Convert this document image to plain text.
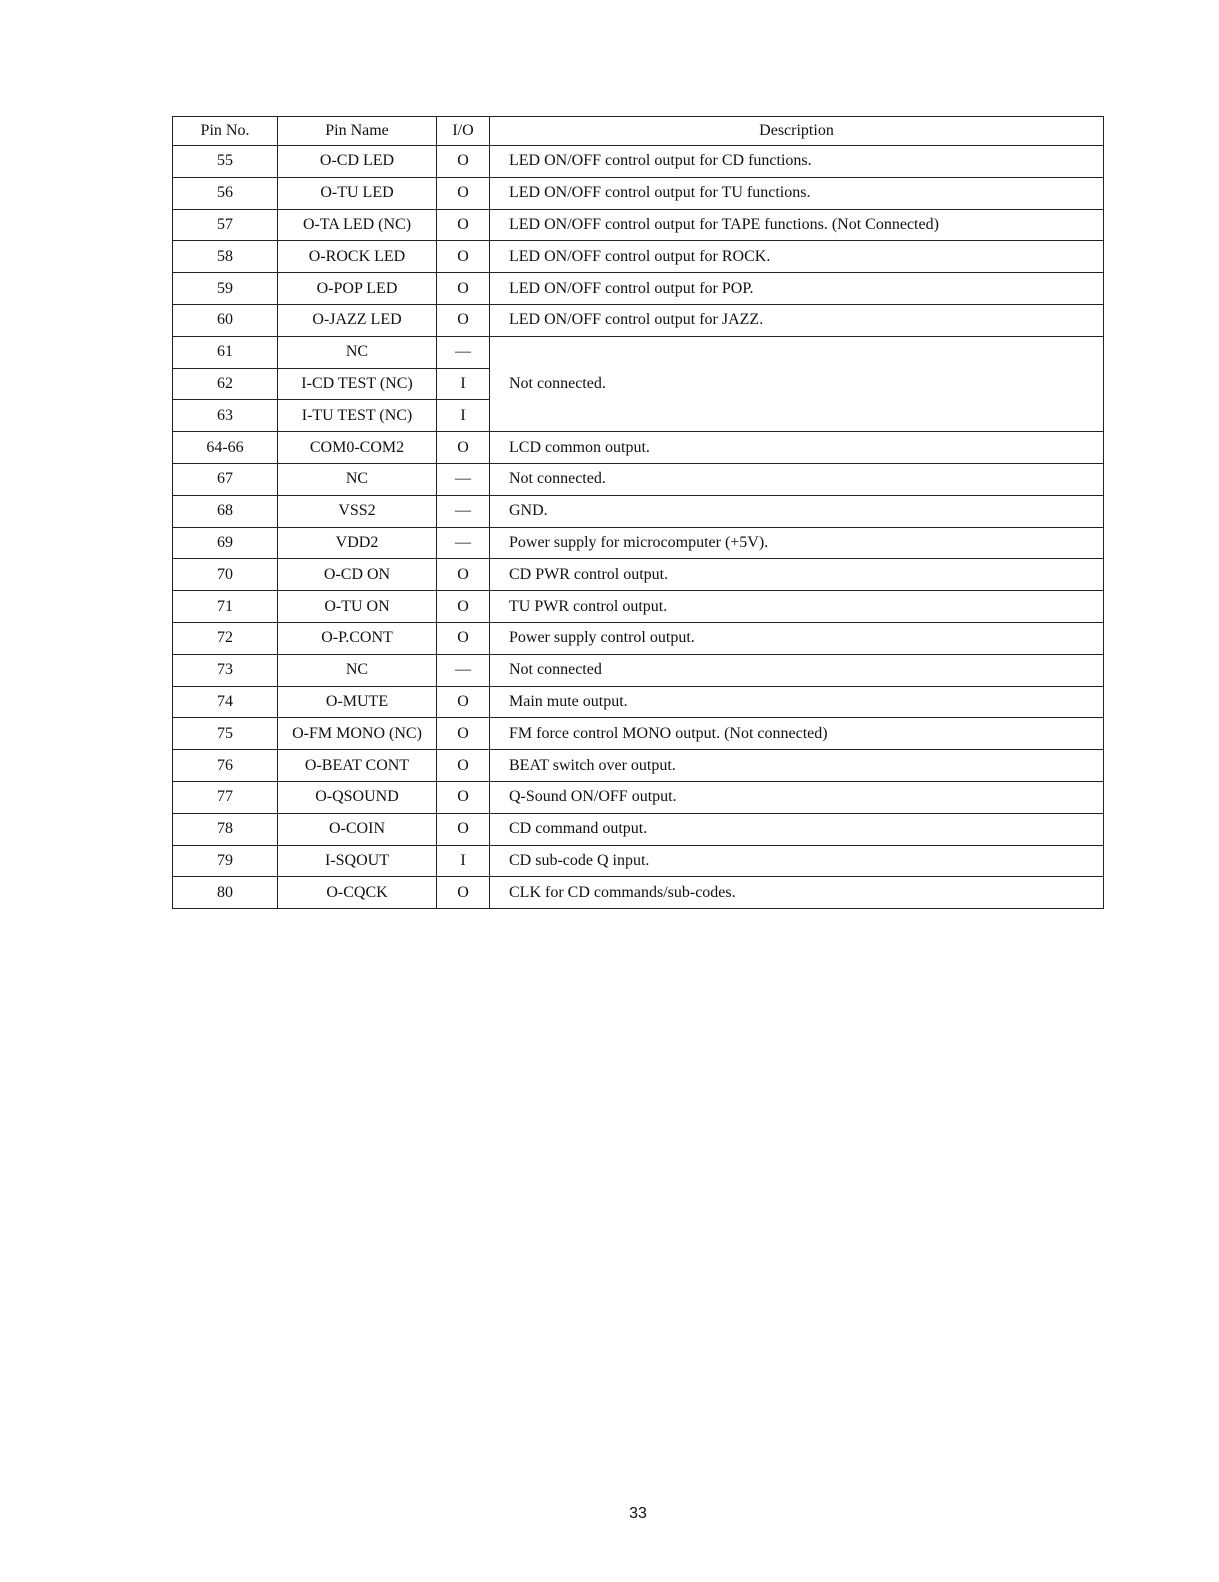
Pin No.	Pin Name	I/O	Description
55	O-CD LED	O	LED ON/OFF control output for CD functions.
56	O-TU LED	O	LED ON/OFF control output for TU functions.
57	O-TA LED (NC)	O	LED ON/OFF control output for TAPE functions. (Not Connected)
58	O-ROCK LED	O	LED ON/OFF control output for ROCK.
59	O-POP LED	O	LED ON/OFF control output for POP.
60	O-JAZZ LED	O	LED ON/OFF control output for JAZZ.
61	NC	—	Not connected.
62	I-CD TEST (NC)	I	
63	I-TU TEST (NC)	I	
64-66	COM0-COM2	O	LCD common output.
67	NC	—	Not connected.
68	VSS2	—	GND.
69	VDD2	—	Power supply for microcomputer (+5V).
70	O-CD ON	O	CD PWR control output.
71	O-TU ON	O	TU PWR control output.
72	O-P.CONT	O	Power supply control output.
73	NC	—	Not connected
74	O-MUTE	O	Main mute output.
75	O-FM MONO (NC)	O	FM force control MONO output. (Not connected)
76	O-BEAT CONT	O	BEAT switch over output.
77	O-QSOUND	O	Q-Sound ON/OFF output.
78	O-COIN	O	CD command output.
79	I-SQOUT	I	CD sub-code Q input.
80	O-CQCK	O	CLK for CD commands/sub-codes.
33
